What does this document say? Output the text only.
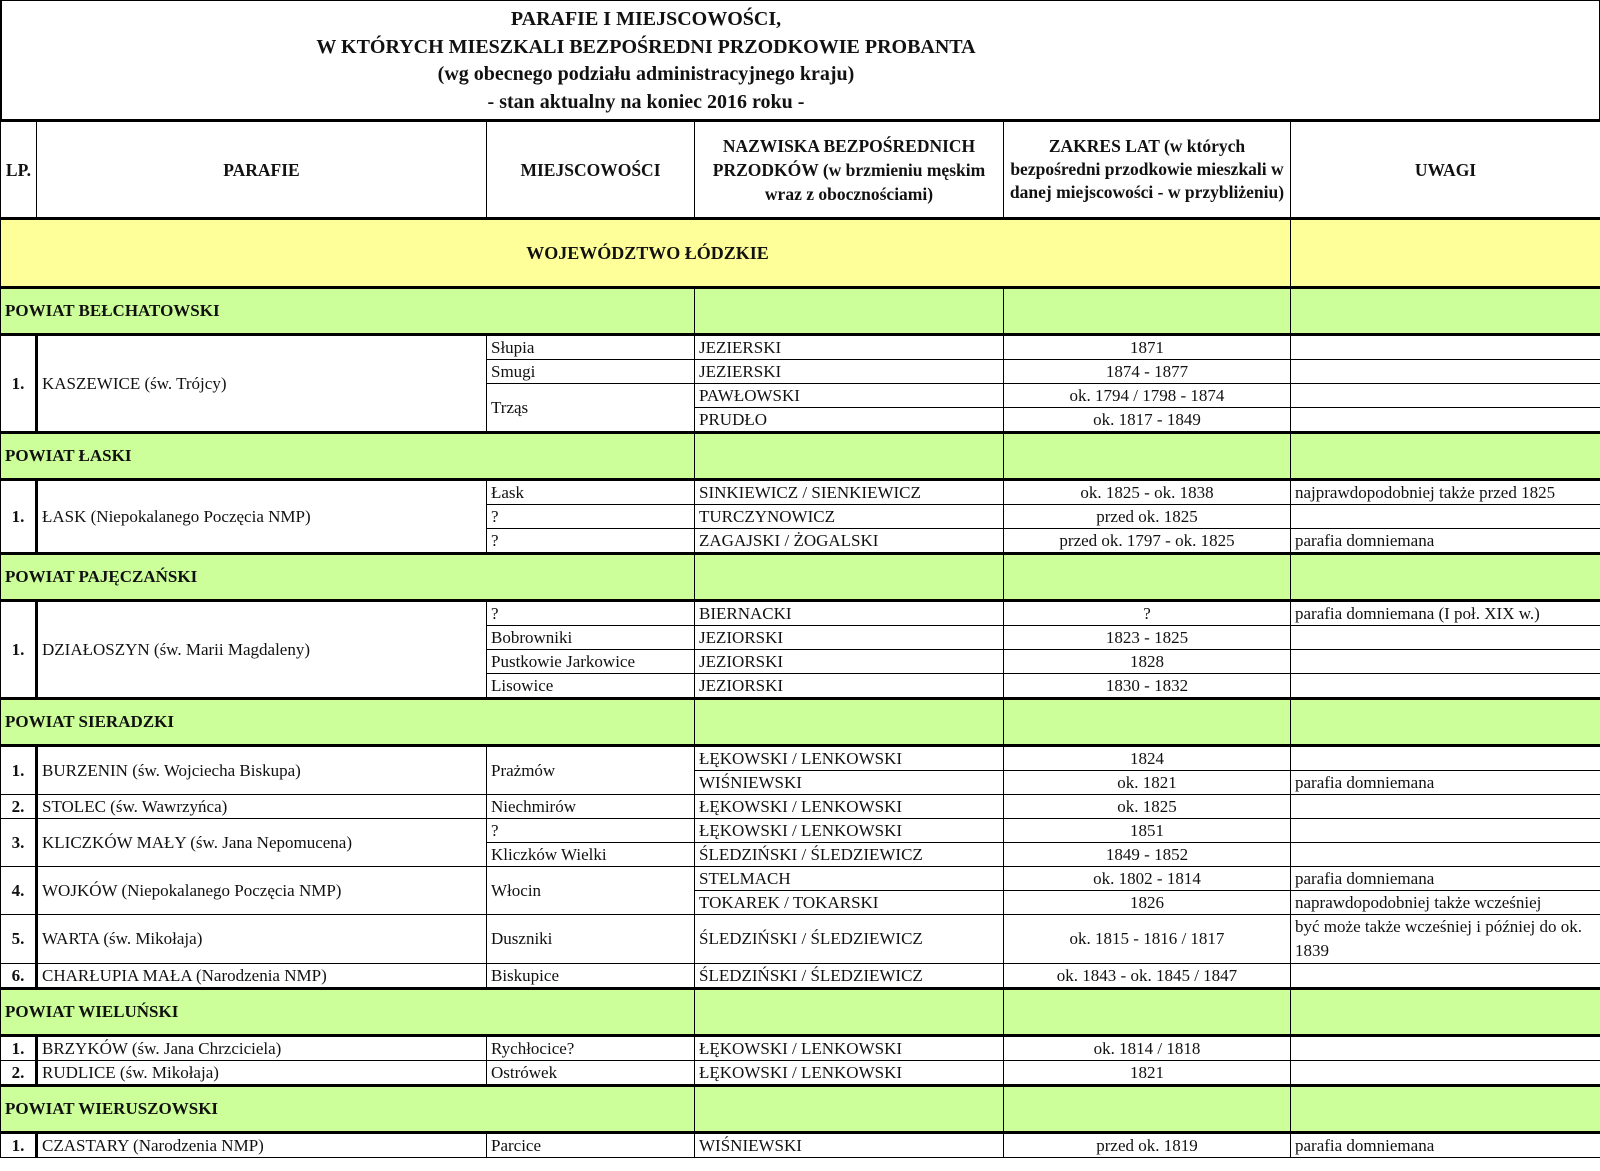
PARAFIE I MIEJSCOWOŚCI,
W KTÓRYCH MIESZKALI BEZPOŚREDNI PRZODKOWIE PROBANTA
(wg obecnego podziału administracyjnego kraju)
- stan aktualny na koniec 2016 roku -
LP.	PARAFIE	MIEJSCOWOŚCI	NAZWISKA BEZPOŚREDNICH PRZODKÓW (w brzmieniu męskim wraz z obocznościami)	ZAKRES LAT (w których bezpośredni przodkowie mieszkali w danej miejscowości - w przybliżeniu)	UWAGI
WOJEWÓDZTWO ŁÓDZKIE					
POWIAT BEŁCHATOWSKI					
1.	KASZEWICE (św. Trójcy)	Słupia	JEZIERSKI	1871	
		Smugi	JEZIERSKI	1874 - 1877	
		Trząs	PAWŁOWSKI	ok. 1794 / 1798 - 1874	
			PRUDŁO	ok. 1817 - 1849	
POWIAT ŁASKI					
1.	ŁASK (Niepokalanego Poczęcia NMP)	Łask	SINKIEWICZ / SIENKIEWICZ	ok. 1825 - ok. 1838	najprawdopodobniej także przed 1825
		?	TURCZYNOWICZ	przed ok. 1825	
		?	ZAGAJSKI / ŻOGALSKI	przed ok. 1797 - ok. 1825	parafia domniemana
POWIAT PAJĘCZAŃSKI					
1.	DZIAŁOSZYN (św. Marii Magdaleny)	?	BIERNACKI	?	parafia domniemana (I poł. XIX w.)
		Bobrowniki	JEZIORSKI	1823 - 1825	
		Pustkowie Jarkowice	JEZIORSKI	1828	
		Lisowice	JEZIORSKI	1830 - 1832	
POWIAT SIERADZKI					
1.	BURZENIN (św. Wojciecha Biskupa)	Prażmów	ŁĘKOWSKI / LENKOWSKI	1824	
			WIŚNIEWSKI	ok. 1821	parafia domniemana
2.	STOLEC (św. Wawrzyńca)	Niechmirów	ŁĘKOWSKI / LENKOWSKI	ok. 1825	
3.	KLICZKÓW MAŁY (św. Jana Nepomucena)	?	ŁĘKOWSKI / LENKOWSKI	1851	
		Kliczków Wielki	ŚLEDZIŃSKI / ŚLEDZIEWICZ	1849 - 1852	
4.	WOJKÓW (Niepokalanego Poczęcia NMP)	Włocin	STELMACH	ok. 1802 - 1814	parafia domniemana
			TOKAREK / TOKARSKI	1826	naprawdopodobniej także wcześniej
5.	WARTA (św. Mikołaja)	Duszniki	ŚLEDZIŃSKI / ŚLEDZIEWICZ	ok. 1815 - 1816 / 1817	być może także wcześniej i później do ok. 1839
6.	CHARŁUPIA MAŁA (Narodzenia NMP)	Biskupice	ŚLEDZIŃSKI / ŚLEDZIEWICZ	ok. 1843 - ok. 1845 / 1847	
POWIAT WIELUŃSKI					
1.	BRZYKÓW (św. Jana Chrzciciela)	Rychłocice?	ŁĘKOWSKI / LENKOWSKI	ok. 1814 / 1818	
2.	RUDLICE (św. Mikołaja)	Ostrówek	ŁĘKOWSKI / LENKOWSKI	1821	
POWIAT WIERUSZOWSKI					
1.	CZASTARY (Narodzenia NMP)	Parcice	WIŚNIEWSKI	przed ok. 1819	parafia domniemana
